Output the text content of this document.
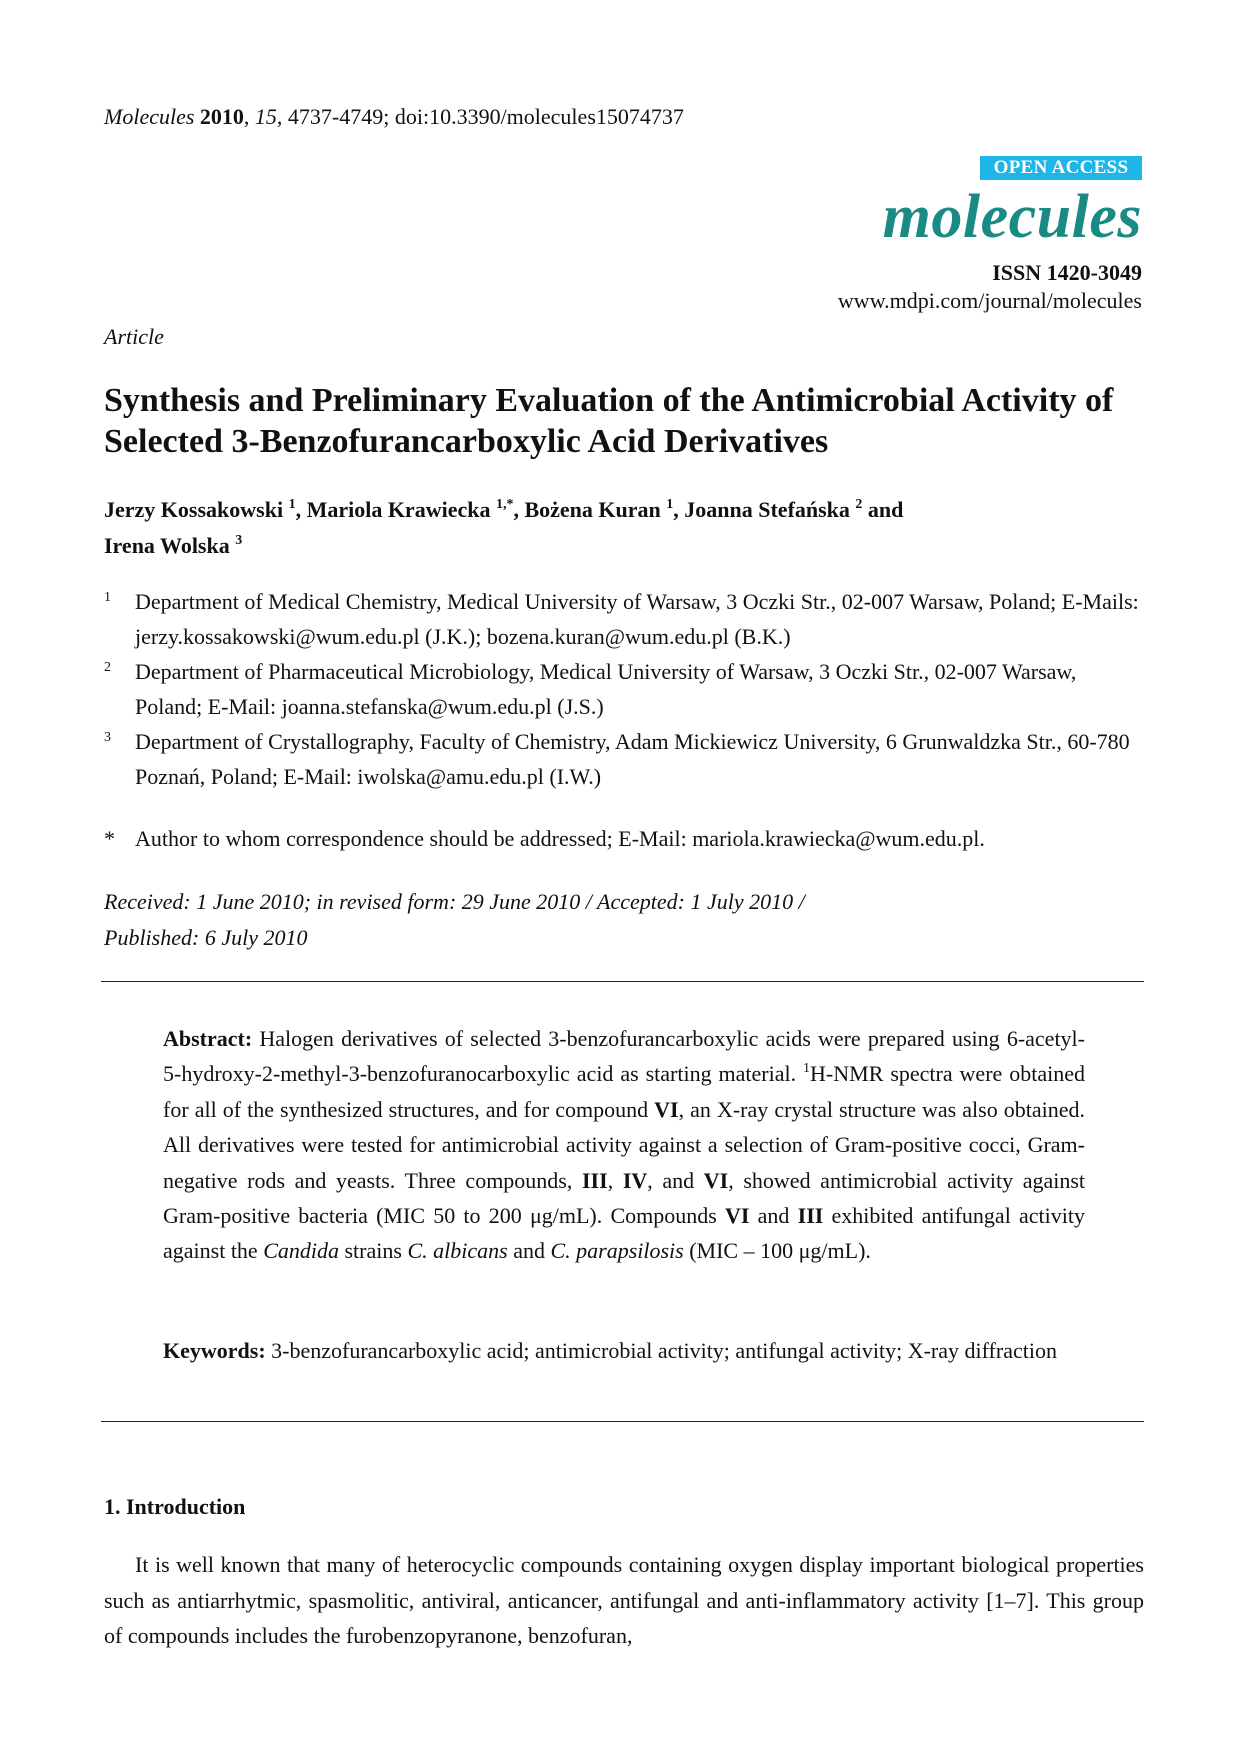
Molecules 2010, 15, 4737-4749; doi:10.3390/molecules15074737
OPEN ACCESS
molecules
ISSN 1420-3049
www.mdpi.com/journal/molecules
Article
Synthesis and Preliminary Evaluation of the Antimicrobial Activity of Selected 3-Benzofurancarboxylic Acid Derivatives
Jerzy Kossakowski $^1$, Mariola Krawiecka $^{1,*}$, Bożena Kuran $^1$, Joanna Stefańska $^2$ and
Irena Wolska $^3$
1 Department of Medical Chemistry, Medical University of Warsaw, 3 Oczki Str., 02-007 Warsaw, Poland; E-Mails: jerzy.kossakowski@wum.edu.pl (J.K.); bozena.kuran@wum.edu.pl (B.K.)
2 Department of Pharmaceutical Microbiology, Medical University of Warsaw, 3 Oczki Str., 02-007 Warsaw, Poland; E-Mail: joanna.stefanska@wum.edu.pl (J.S.)
3 Department of Crystallography, Faculty of Chemistry, Adam Mickiewicz University, 6 Grunwaldzka Str., 60-780 Poznań, Poland; E-Mail: iwolska@amu.edu.pl (I.W.)
* Author to whom correspondence should be addressed; E-Mail: mariola.krawiecka@wum.edu.pl.
Received: 1 June 2010; in revised form: 29 June 2010 / Accepted: 1 July 2010 /
Published: 6 July 2010
Abstract: Halogen derivatives of selected 3-benzofurancarboxylic acids were prepared using 6-acetyl-5-hydroxy-2-methyl-3-benzofuranocarboxylic acid as starting material. $^1$H-NMR spectra were obtained for all of the synthesized structures, and for compound VI, an X-ray crystal structure was also obtained. All derivatives were tested for antimicrobial activity against a selection of Gram-positive cocci, Gram-negative rods and yeasts. Three compounds, III, IV, and VI, showed antimicrobial activity against Gram-positive bacteria (MIC 50 to 200 μg/mL). Compounds VI and III exhibited antifungal activity against the Candida strains C. albicans and C. parapsilosis (MIC – 100 μg/mL).
Keywords: 3-benzofurancarboxylic acid; antimicrobial activity; antifungal activity; X-ray diffraction
1. Introduction
It is well known that many of heterocyclic compounds containing oxygen display important biological properties such as antiarrhytmic, spasmolitic, antiviral, anticancer, antifungal and anti-inflammatory activity [1–7]. This group of compounds includes the furobenzopyranone, benzofuran,
